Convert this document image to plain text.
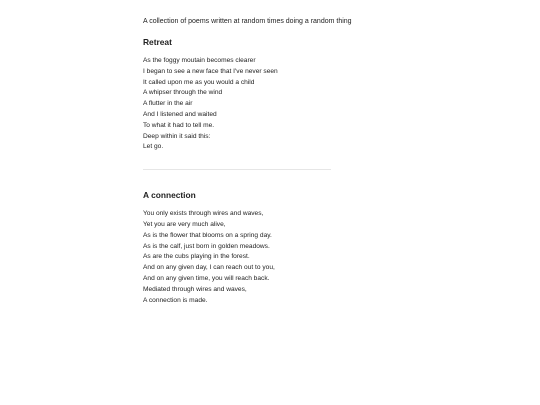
A collection of poems written at random times doing a random thing

Retreat
As the foggy moutain becomes clearer
I began to see a new face that I've never seen
It called upon me as you would a child
A whipser through the wind
A flutter in the air
And I listened and waited
To what it had to tell me.
Deep within it said this:
Let go.
A connection
You only exists through wires and waves,
Yet you are very much alive,
As is the flower that blooms on a spring day.
As is the calf, just born in golden meadows.
As are the cubs playing in the forest.
And on any given day, I can reach out to you,
And on any given time, you will reach back.
Mediated through wires and waves,
A connection is made.
